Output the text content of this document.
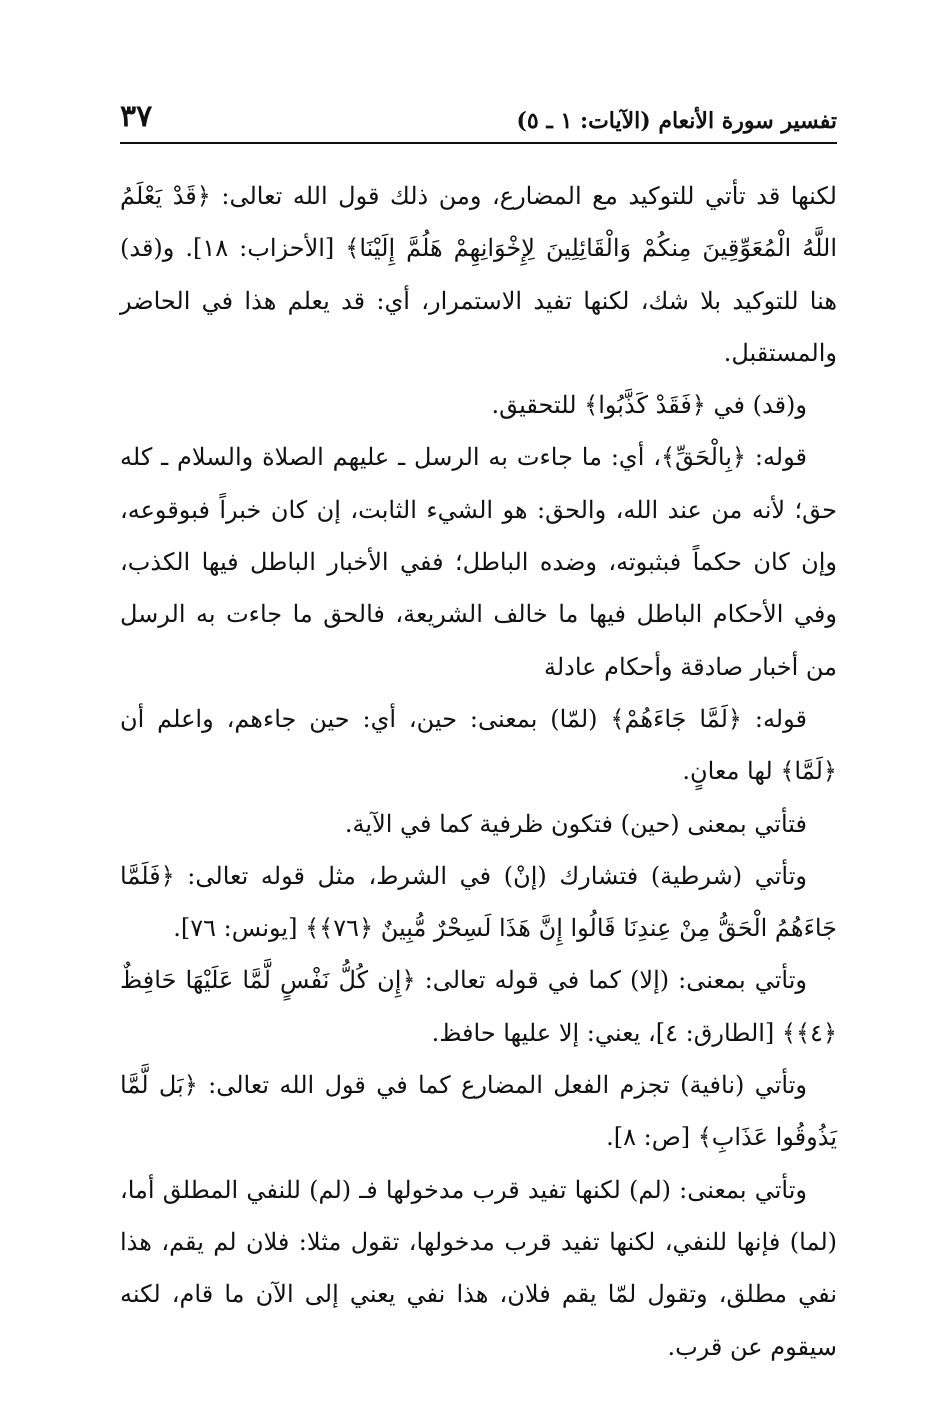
تفسير سورة الأنعام (الآيات: ١ ـ ٥)
٣٧

لكنها قد تأتي للتوكيد مع المضارع، ومن ذلك قول الله تعالى: ﴿قَدْ يَعْلَمُ اللَّهُ الْمُعَوِّقِينَ مِنكُمْ وَالْقَائِلِينَ لِإِخْوَانِهِمْ هَلُمَّ إِلَيْنَا﴾ [الأحزاب: ١٨]. و(قد) هنا للتوكيد بلا شك، لكنها تفيد الاستمرار، أي: قد يعلم هذا في الحاضر والمستقبل.

و(قد) في ﴿فَقَدْ كَذَّبُوا﴾ للتحقيق.

قوله: ﴿بِالْحَقِّ﴾، أي: ما جاءت به الرسل ـ عليهم الصلاة والسلام ـ كله حق؛ لأنه من عند الله، والحق: هو الشيء الثابت، إن كان خبراً فبوقوعه، وإن كان حكماً فبثبوته، وضده الباطل؛ ففي الأخبار الباطل فيها الكذب، وفي الأحكام الباطل فيها ما خالف الشريعة، فالحق ما جاءت به الرسل من أخبار صادقة وأحكام عادلة

قوله: ﴿لَمَّا جَاءَهُمْ﴾ (لمّا) بمعنى: حين، أي: حين جاءهم، واعلم أن ﴿لَمَّا﴾ لها معانٍ.

فتأتي بمعنى (حين) فتكون ظرفية كما في الآية.

وتأتي (شرطية) فتشارك (إنْ) في الشرط، مثل قوله تعالى: ﴿فَلَمَّا جَاءَهُمُ الْحَقُّ مِنْ عِندِنَا قَالُوا إِنَّ هَذَا لَسِحْرٌ مُّبِينٌ ﴿٧٦﴾﴾ [يونس: ٧٦].

وتأتي بمعنى: (إلا) كما في قوله تعالى: ﴿إِن كُلُّ نَفْسٍ لَّمَّا عَلَيْهَا حَافِظٌ ﴿٤﴾﴾ [الطارق: ٤]، يعني: إلا عليها حافظ.

وتأتي (نافية) تجزم الفعل المضارع كما في قول الله تعالى: ﴿بَل لَّمَّا يَذُوقُوا عَذَابِ﴾ [ص: ٨].

وتأتي بمعنى: (لم) لكنها تفيد قرب مدخولها فـ (لم) للنفي المطلق أما، (لما) فإنها للنفي، لكنها تفيد قرب مدخولها، تقول مثلا: فلان لم يقم، هذا نفي مطلق، وتقول لمّا يقم فلان، هذا نفي يعني إلى الآن ما قام، لكنه سيقوم عن قرب.
